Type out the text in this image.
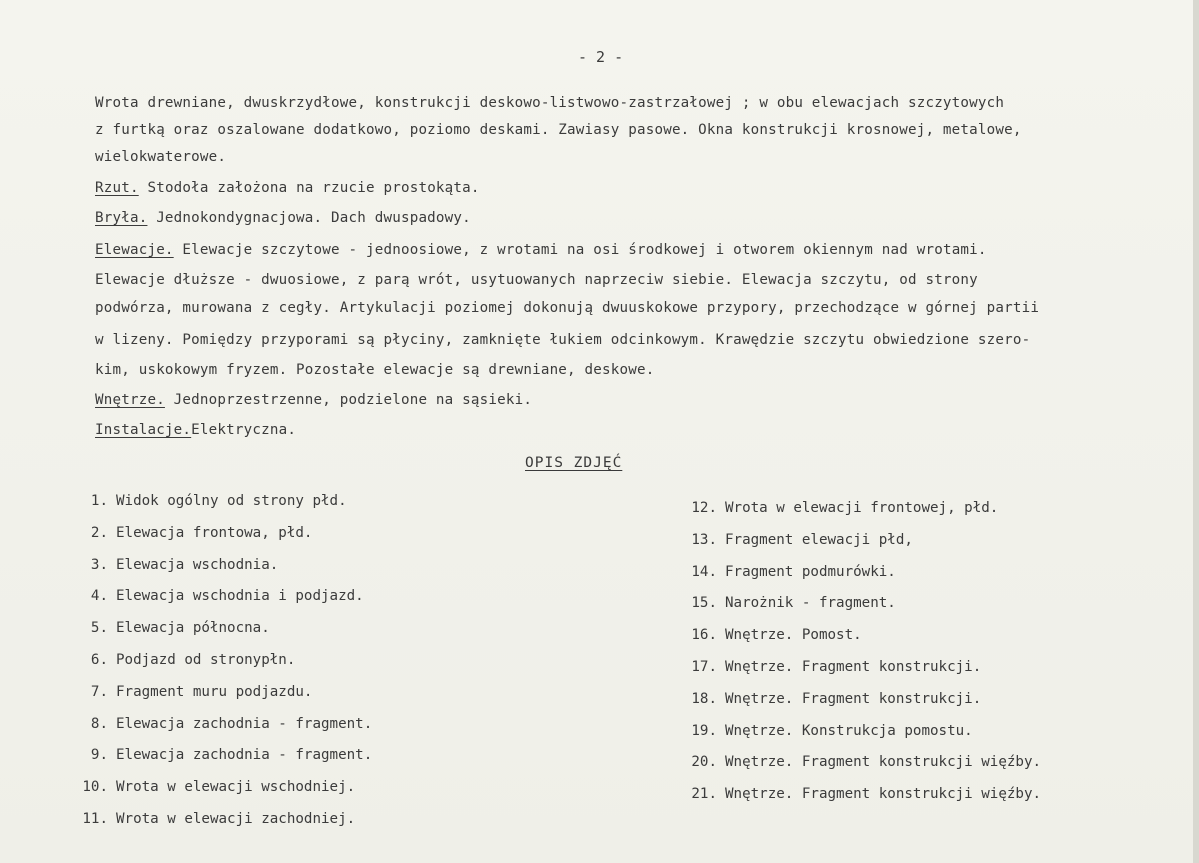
- 2 -
Wrota drewniane, dwuskrzydłowe, konstrukcji deskowo-listwowo-zastrzałowej ; w obu elewacjach szczytowych
z furtką oraz oszalowane dodatkowo, poziomo deskami. Zawiasy pasowe. Okna konstrukcji krosnowej, metalowe,
wielokwaterowe.
Rzut. Stodoła założona na rzucie prostokąta.
Bryła. Jednokondygnacjowa. Dach dwuspadowy.
Elewacje. Elewacje szczytowe - jednoosiowe, z wrotami na osi środkowej i otworem okiennym nad wrotami.
Elewacje dłuższe - dwuosiowe, z parą wrót, usytuowanych naprzeciw siebie. Elewacja szczytu, od strony
podwórza, murowana z cegły. Artykulacji poziomej dokonują dwuuskokowe przypory, przechodzące w górnej partii
w lizeny. Pomiędzy przyporami są płyciny, zamknięte łukiem odcinkowym. Krawędzie szczytu obwiedzione szero-
kim, uskokowym fryzem. Pozostałe elewacje są drewniane, deskowe.
Wnętrze. Jednoprzestrzenne, podzielone na sąsieki.
Instalacje.Elektryczna.
OPIS ZDJĘĆ
1. Widok ogólny od strony płd.
2. Elewacja frontowa, płd.
3. Elewacja wschodnia.
4. Elewacja wschodnia i podjazd.
5. Elewacja północna.
6. Podjazd od stronypłn.
7. Fragment muru podjazdu.
8. Elewacja zachodnia - fragment.
9. Elewacja zachodnia - fragment.
10. Wrota w elewacji wschodniej.
11. Wrota w elewacji zachodniej.
12. Wrota w elewacji frontowej, płd.
13. Fragment elewacji płd,
14. Fragment podmurówki.
15. Narożnik - fragment.
16. Wnętrze. Pomost.
17. Wnętrze. Fragment konstrukcji.
18. Wnętrze. Fragment konstrukcji.
19. Wnętrze. Konstrukcja pomostu.
20. Wnętrze. Fragment konstrukcji więźby.
21. Wnętrze. Fragment konstrukcji więźby.
